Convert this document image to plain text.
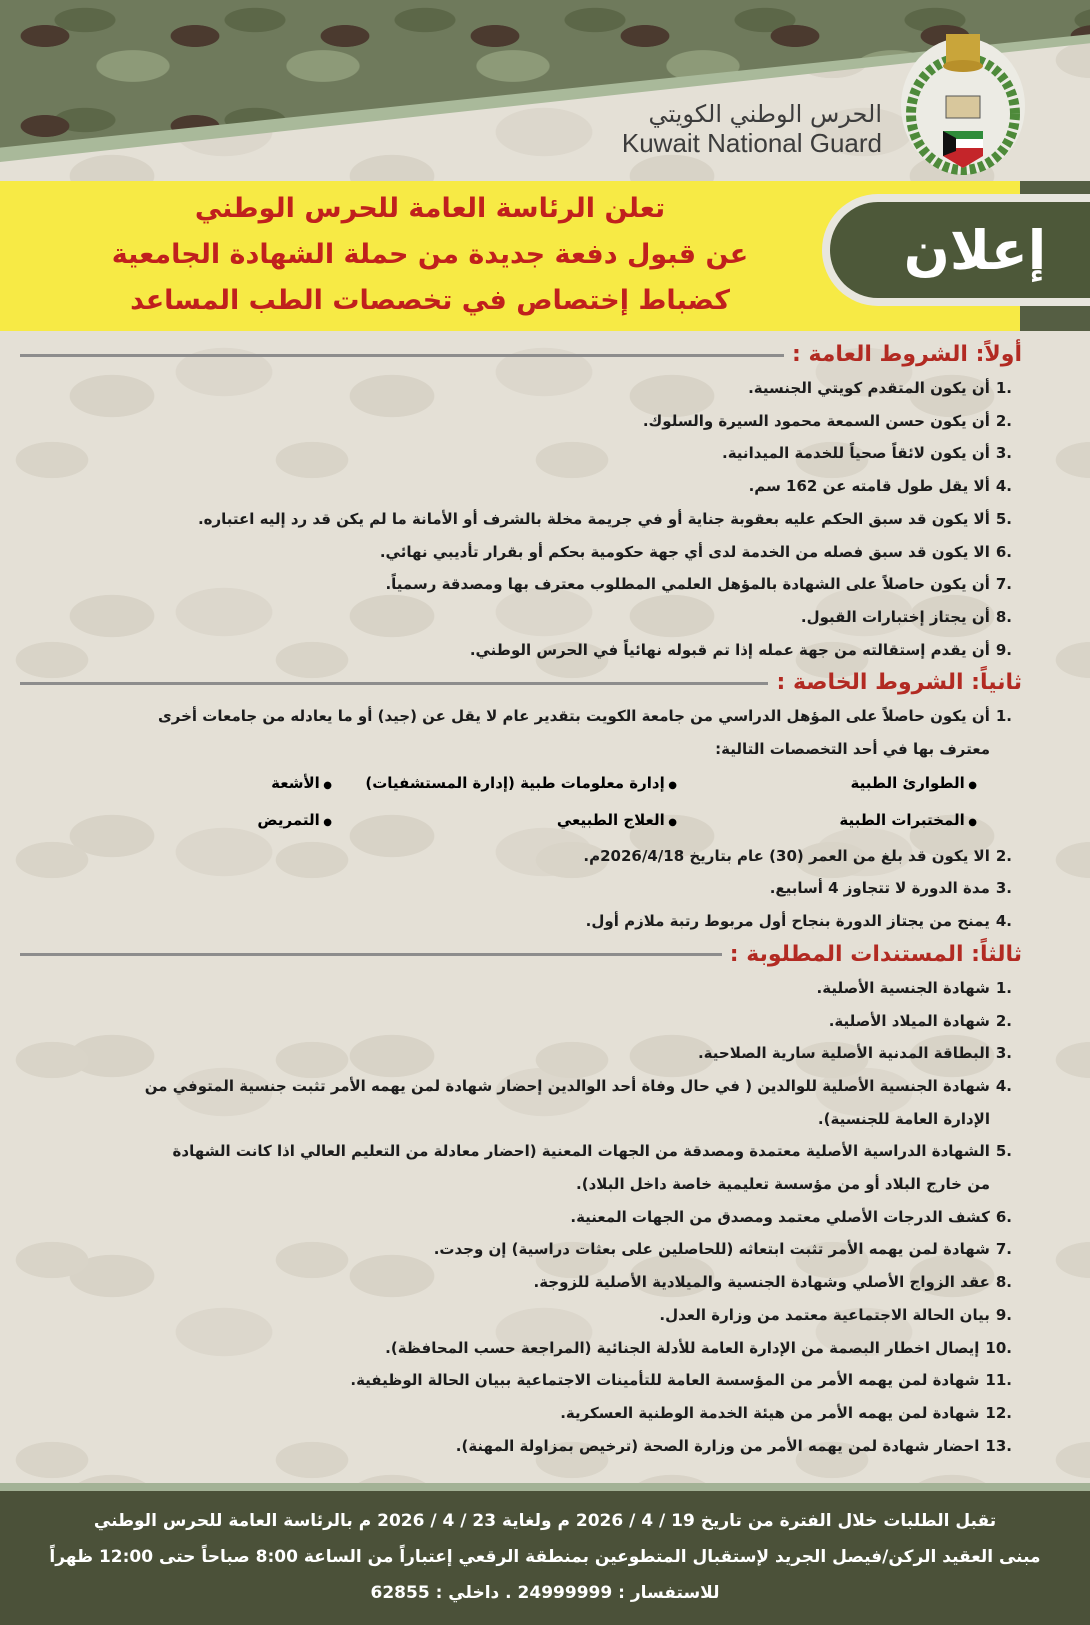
الحرس الوطني الكويتي
Kuwait National Guard
إعلان
تعلن الرئاسة العامة للحرس الوطني
عن قبول دفعة جديدة من حملة الشهادة الجامعية
كضباط إختصاص في تخصصات الطب المساعد
أولاً: الشروط العامة :
1.أن يكون المتقدم كويتي الجنسية.
2.أن يكون حسن السمعة محمود السيرة والسلوك.
3.أن يكون لائقاً صحياً للخدمة الميدانية.
4.ألا يقل طول قامته عن 162 سم.
5.ألا يكون قد سبق الحكم عليه بعقوبة جناية أو في جريمة مخلة بالشرف أو الأمانة ما لم يكن قد رد إليه اعتباره.
6.الا يكون قد سبق فصله من الخدمة لدى أي جهة حكومية بحكم أو بقرار تأديبي نهائي.
7.أن يكون حاصلاً على الشهادة بالمؤهل العلمي المطلوب معترف بها ومصدقة رسمياً.
8.أن يجتاز إختبارات القبول.
9.أن يقدم إستقالته من جهة عمله إذا تم قبوله نهائياً في الحرس الوطني.
ثانياً: الشروط الخاصة :
1.أن يكون حاصلاً على المؤهل الدراسي من جامعة الكويت بتقدير عام لا يقل عن (جيد) أو ما يعادله من جامعات أخرى
معترف بها في أحد التخصصات التالية:
● الطوارئ الطبية
● إدارة معلومات طبية (إدارة المستشفيات)
● الأشعة
● المختبرات الطبية
● العلاج الطبيعي
● التمريض
2.الا يكون قد بلغ من العمر (30) عام بتاريخ 2026/4/18م.
3.مدة الدورة لا تتجاوز 4 أسابيع.
4.يمنح من يجتاز الدورة بنجاح أول مربوط رتبة ملازم أول.
ثالثاً: المستندات المطلوبة :
1.شهادة الجنسية الأصلية.
2.شهادة الميلاد الأصلية.
3.البطاقة المدنية الأصلية سارية الصلاحية.
4.شهادة الجنسية الأصلية للوالدين ( في حال وفاة أحد الوالدين إحضار شهادة لمن يهمه الأمر تثبت جنسية المتوفي من
الإدارة العامة للجنسية).
5.الشهادة الدراسية الأصلية معتمدة ومصدقة من الجهات المعنية (احضار معادلة من التعليم العالي اذا كانت الشهادة
من خارج البلاد أو من مؤسسة تعليمية خاصة داخل البلاد).
6.كشف الدرجات الأصلي معتمد ومصدق من الجهات المعنية.
7.شهادة لمن يهمه الأمر تثبت ابتعاثه (للحاصلين على بعثات دراسية) إن وجدت.
8.عقد الزواج الأصلي وشهادة الجنسية والميلادية الأصلية للزوجة.
9.بيان الحالة الاجتماعية معتمد من وزارة العدل.
10.إيصال اخطار البصمة من الإدارة العامة للأدلة الجنائية (المراجعة حسب المحافظة).
11.شهادة لمن يهمه الأمر من المؤسسة العامة للتأمينات الاجتماعية ببيان الحالة الوظيفية.
12.شهادة لمن يهمه الأمر من هيئة الخدمة الوطنية العسكرية.
13.احضار شهادة لمن يهمه الأمر من وزارة الصحة (ترخيص بمزاولة المهنة).
تقبل الطلبات خلال الفترة من تاريخ 19 / 4 / 2026 م ولغاية 23 / 4 / 2026 م بالرئاسة العامة للحرس الوطني
مبنى العقيد الركن/فيصل الجريد لإستقبال المتطوعين بمنطقة الرقعي إعتباراً من الساعة 8:00 صباحاً حتى 12:00 ظهراً
للاستفسار : 24999999 . داخلي : 62855
